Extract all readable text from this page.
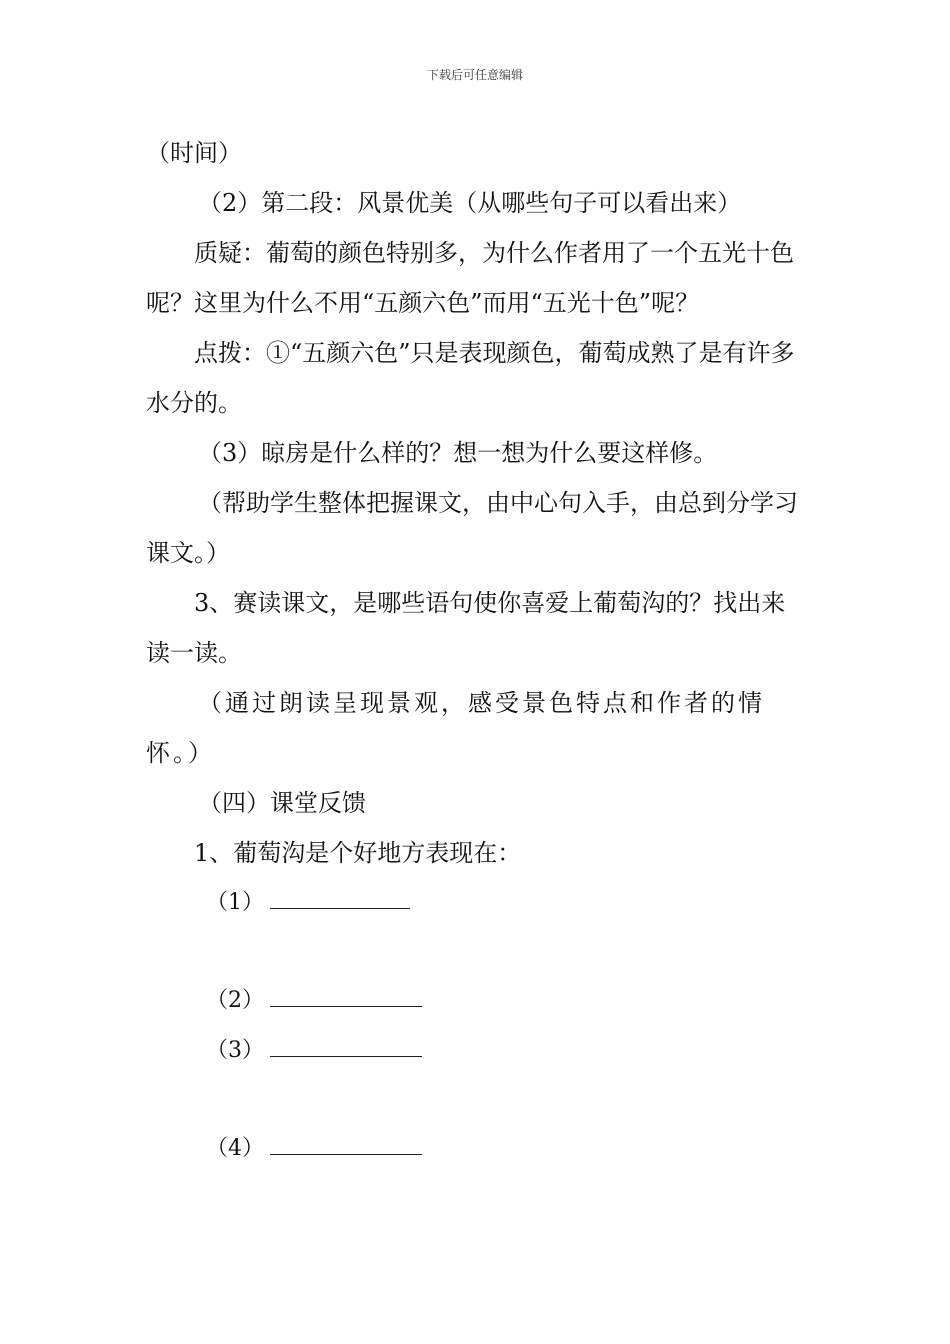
下载后可任意编辑

（时间）

（2）第二段：风景优美（从哪些句子可以看出来）

质疑：葡萄的颜色特别多，为什么作者用了一个五光十色呢？这里为什么不用“五颜六色”而用“五光十色”呢？

点拨：①“五颜六色”只是表现颜色，葡萄成熟了是有许多水分的。

（3）晾房是什么样的？想一想为什么要这样修。

（帮助学生整体把握课文，由中心句入手，由总到分学习课文。）

3、赛读课文，是哪些语句使你喜爱上葡萄沟的？找出来读一读。

（通过朗读呈现景观，感受景色特点和作者的情怀。）

（四）课堂反馈

1、葡萄沟是个好地方表现在：

（1）

（2）

（3）

（4）
